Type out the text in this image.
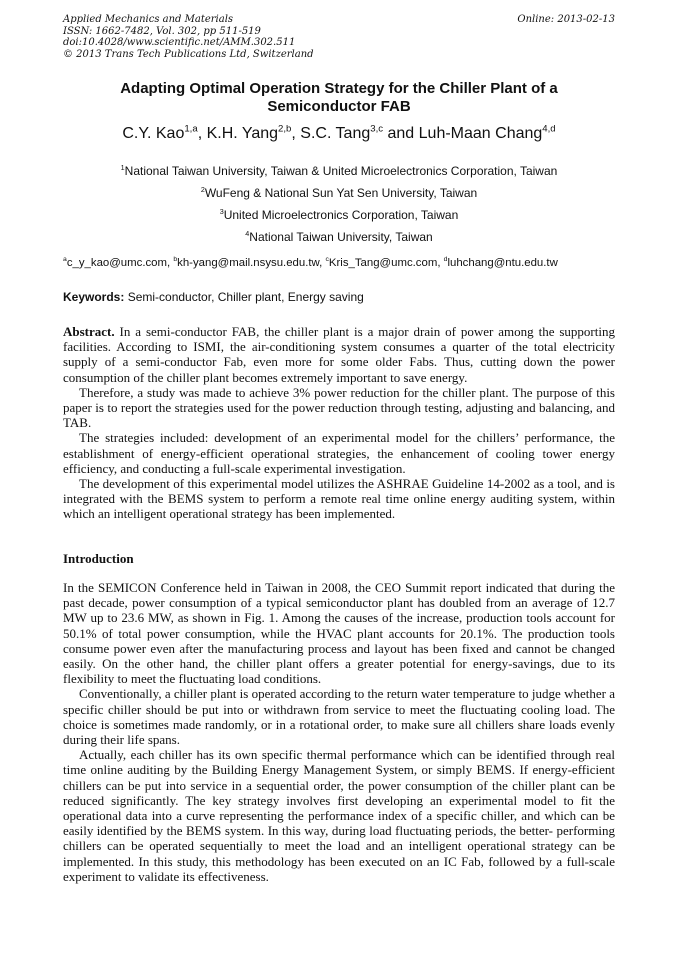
Applied Mechanics and Materials
ISSN: 1662-7482, Vol. 302, pp 511-519
doi:10.4028/www.scientific.net/AMM.302.511
© 2013 Trans Tech Publications Ltd, Switzerland
Online: 2013-02-13
Adapting Optimal Operation Strategy for the Chiller Plant of a
Semiconductor FAB
C.Y. Kao$^{1,a}$, K.H. Yang$^{2,b}$, S.C. Tang$^{3,c}$ and Luh-Maan Chang$^{4,d}$
$^1$National Taiwan University, Taiwan & United Microelectronics Corporation, Taiwan
$^2$WuFeng & National Sun Yat Sen University, Taiwan
$^3$United Microelectronics Corporation, Taiwan
$^4$National Taiwan University, Taiwan
$^a$c_y_kao@umc.com, $^b$kh-yang@mail.nsysu.edu.tw, $^c$Kris_Tang@umc.com, $^d$luhchang@ntu.edu.tw
Keywords: Semi-conductor, Chiller plant, Energy saving

Abstract. In a semi-conductor FAB, the chiller plant is a major drain of power among the supporting facilities. According to ISMI, the air-conditioning system consumes a quarter of the total electricity supply of a semi-conductor Fab, even more for some older Fabs. Thus, cutting down the power consumption of the chiller plant becomes extremely important to save energy.

Therefore, a study was made to achieve 3% power reduction for the chiller plant. The purpose of this paper is to report the strategies used for the power reduction through testing, adjusting and balancing, and TAB.

The strategies included: development of an experimental model for the chillers’ performance, the establishment of energy-efficient operational strategies, the enhancement of cooling tower energy efficiency, and conducting a full-scale experimental investigation.

The development of this experimental model utilizes the ASHRAE Guideline 14-2002 as a tool, and is integrated with the BEMS system to perform a remote real time online energy auditing system, within which an intelligent operational strategy has been implemented.

Introduction

In the SEMICON Conference held in Taiwan in 2008, the CEO Summit report indicated that during the past decade, power consumption of a typical semiconductor plant has doubled from an average of 12.7 MW up to 23.6 MW, as shown in Fig. 1. Among the causes of the increase, production tools account for 50.1% of total power consumption, while the HVAC plant accounts for 20.1%. The production tools consume power even after the manufacturing process and layout has been fixed and cannot be changed easily. On the other hand, the chiller plant offers a greater potential for energy-savings, due to its flexibility to meet the fluctuating load conditions.

Conventionally, a chiller plant is operated according to the return water temperature to judge whether a specific chiller should be put into or withdrawn from service to meet the fluctuating cooling load. The choice is sometimes made randomly, or in a rotational order, to make sure all chillers share loads evenly during their life spans.

Actually, each chiller has its own specific thermal performance which can be identified through real time online auditing by the Building Energy Management System, or simply BEMS. If energy-efficient chillers can be put into service in a sequential order, the power consumption of the chiller plant can be reduced significantly. The key strategy involves first developing an experimental model to fit the operational data into a curve representing the performance index of a specific chiller, and which can be easily identified by the BEMS system. In this way, during load fluctuating periods, the better- performing chillers can be operated sequentially to meet the load and an intelligent operational strategy can be implemented. In this study, this methodology has been executed on an IC Fab, followed by a full-scale experiment to validate its effectiveness.
